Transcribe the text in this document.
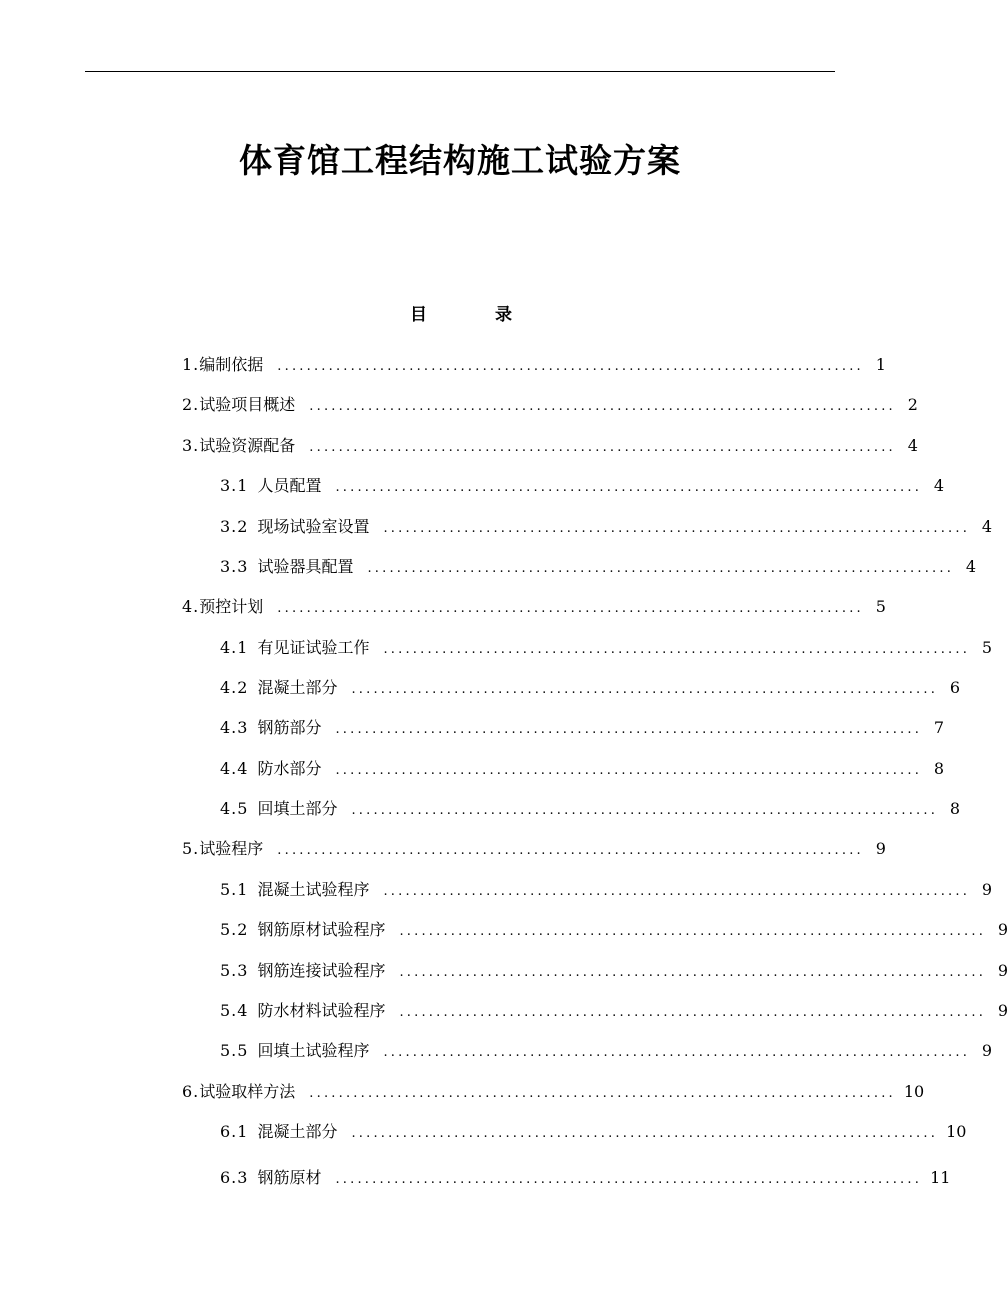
体育馆工程结构施工试验方案
目	录
1. 编制依据 ................................................................................ 1
2. 试验项目概述 ................................................................................ 2
3. 试验资源配备 ................................................................................ 4
3.1 人员配置 ................................................................................ 4
3.2 现场试验室设置 ................................................................................ 4
3.3 试验器具配置 ................................................................................ 4
4. 预控计划 ................................................................................ 5
4.1 有见证试验工作 ................................................................................ 5
4.2 混凝土部分 ................................................................................ 6
4.3 钢筋部分 ................................................................................ 7
4.4 防水部分 ................................................................................ 8
4.5 回填土部分 ................................................................................ 8
5. 试验程序 ................................................................................ 9
5.1 混凝土试验程序 ................................................................................ 9
5.2 钢筋原材试验程序 ................................................................................ 9
5.3 钢筋连接试验程序 ................................................................................ 9
5.4 防水材料试验程序 ................................................................................ 9
5.5 回填土试验程序 ................................................................................ 9
6. 试验取样方法 ................................................................................ 10
6.1 混凝土部分 ................................................................................ 10
6.3 钢筋原材 ................................................................................ 11
